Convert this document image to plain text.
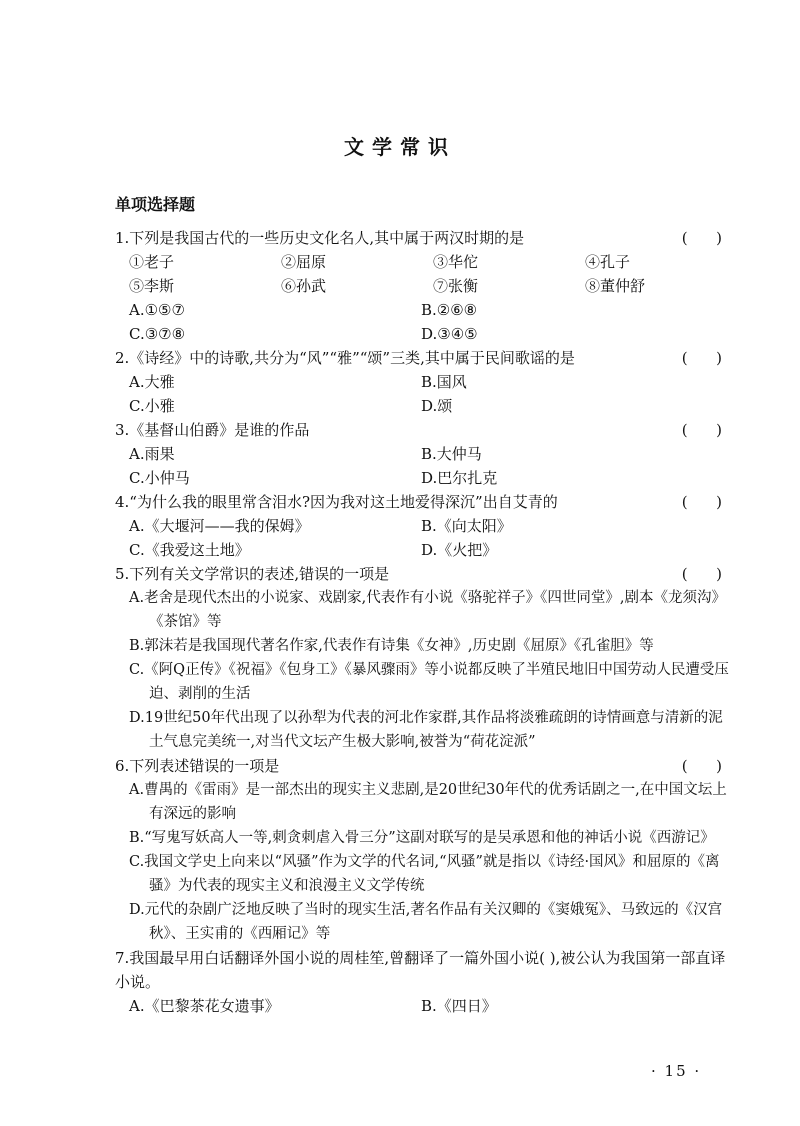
文学常识
单项选择题
1.下列是我国古代的一些历史文化名人,其中属于两汉时期的是	(      )
①老子	②屈原	③华佗	④孔子
⑤李斯	⑥孙武	⑦张衡	⑧董仲舒
A.①⑤⑦	B.②⑥⑧
C.③⑦⑧	D.③④⑤
2.《诗经》中的诗歌,共分为“风”“雅”“颂”三类,其中属于民间歌谣的是	(      )
A.大雅	B.国风
C.小雅	D.颂
3.《基督山伯爵》是谁的作品	(      )
A.雨果	B.大仲马
C.小仲马	D.巴尔扎克
4.“为什么我的眼里常含泪水?因为我对这土地爱得深沉”出自艾青的	(      )
A.《大堰河——我的保姆》	B.《向太阳》
C.《我爱这土地》	D.《火把》
5.下列有关文学常识的表述,错误的一项是	(      )
A.老舍是现代杰出的小说家、戏剧家,代表作有小说《骆驼祥子》《四世同堂》,剧本《龙须沟》《茶馆》等
B.郭沫若是我国现代著名作家,代表作有诗集《女神》,历史剧《屈原》《孔雀胆》等
C.《阿Q正传》《祝福》《包身工》《暴风骤雨》等小说都反映了半殖民地旧中国劳动人民遭受压迫、剥削的生活
D.19世纪50年代出现了以孙犁为代表的河北作家群,其作品将淡雅疏朗的诗情画意与清新的泥土气息完美统一,对当代文坛产生极大影响,被誉为“荷花淀派”
6.下列表述错误的一项是	(      )
A.曹禺的《雷雨》是一部杰出的现实主义悲剧,是20世纪30年代的优秀话剧之一,在中国文坛上有深远的影响
B.“写鬼写妖高人一等,刺贪刺虐入骨三分”这副对联写的是吴承恩和他的神话小说《西游记》
C.我国文学史上向来以“风骚”作为文学的代名词,“风骚”就是指以《诗经·国风》和屈原的《离骚》为代表的现实主义和浪漫主义文学传统
D.元代的杂剧广泛地反映了当时的现实生活,著名作品有关汉卿的《窦娥冤》、马致远的《汉宫秋》、王实甫的《西厢记》等
7.我国最早用白话翻译外国小说的周桂笙,曾翻译了一篇外国小说( ),被公认为我国第一部直译小说。
A.《巴黎茶花女遗事》	B.《四日》
· 15 ·
